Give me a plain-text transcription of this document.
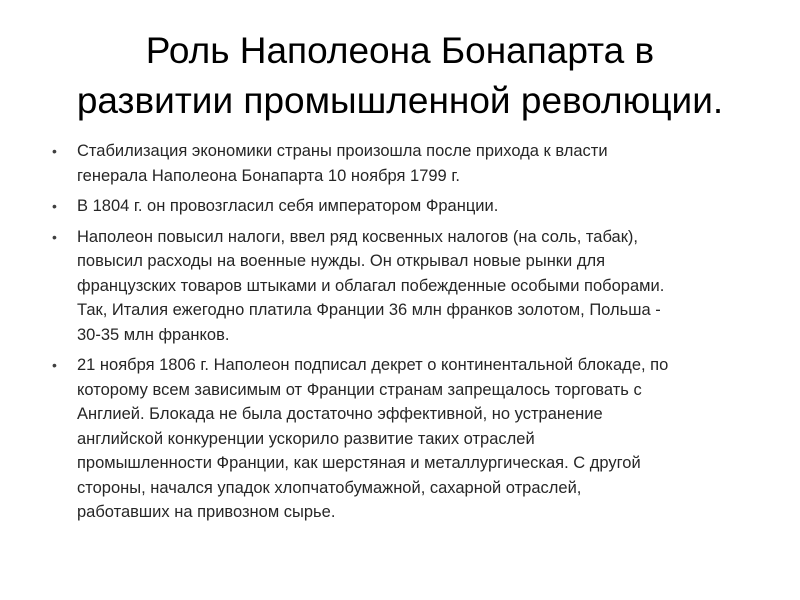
Роль Наполеона Бонапарта в
развитии промышленной революции.
• Стабилизация экономики страны произошла после прихода к власти
генерала Наполеона Бонапарта 10 ноября 1799 г.
• В 1804 г. он провозгласил себя императором Франции.
• Наполеон повысил налоги, ввел ряд косвенных налогов (на соль, табак),
повысил расходы на военные нужды. Он открывал новые рынки для
французских товаров штыками и облагал побежденные особыми поборами.
Так, Италия ежегодно платила Франции 36 млн франков золотом, Польша -
30-35 млн франков.
• 21 ноября 1806 г. Наполеон подписал декрет о континентальной блокаде, по
которому всем зависимым от Франции странам запрещалось торговать с
Англией. Блокада не была достаточно эффективной, но устранение
английской конкуренции ускорило развитие таких отраслей
промышленности Франции, как шерстяная и металлургическая. С другой
стороны, начался упадок хлопчатобумажной, сахарной отраслей,
работавших на привозном сырье.
